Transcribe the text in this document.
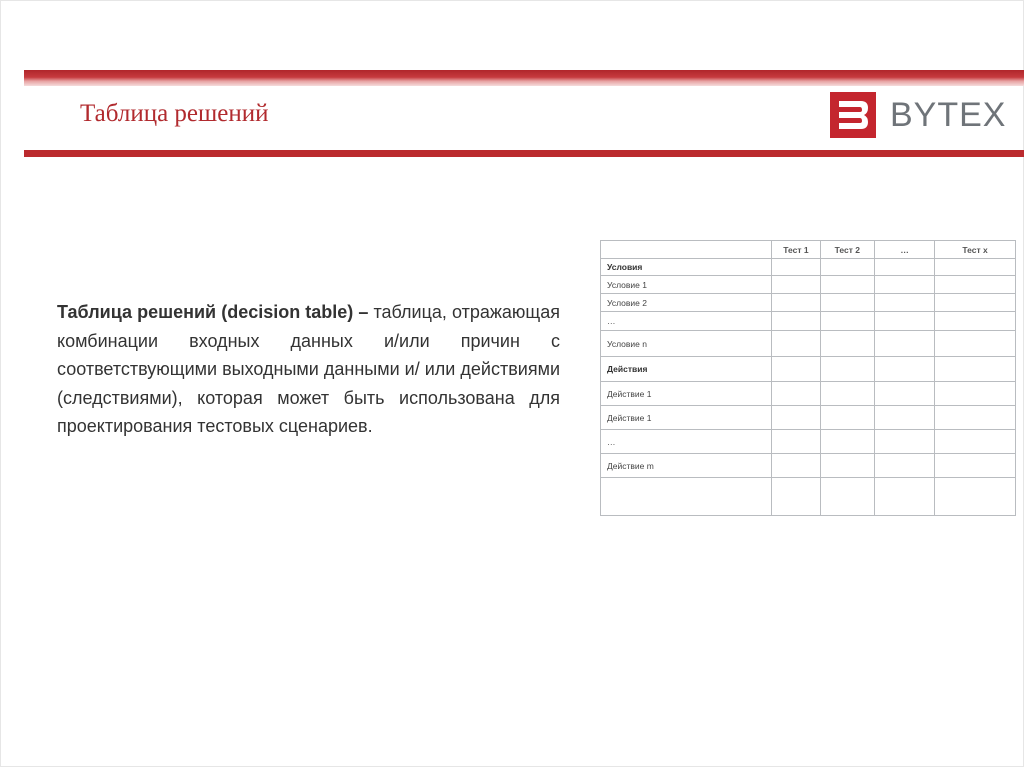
Таблица решений	BYTEX

Таблица решений (decision table) – таблица, отражающая комбинации входных данных и/или причин с соответствующими выходными данными и/ или действиями (следствиями), которая может быть использована для проектирования тестовых сценариев.

	Тест 1	Тест 2	…	Тест x
Условия				
Условие 1				
Условие 2				
…				
Условие n				
Действия				
Действие 1				
Действие 1				
…				
Действие m				
